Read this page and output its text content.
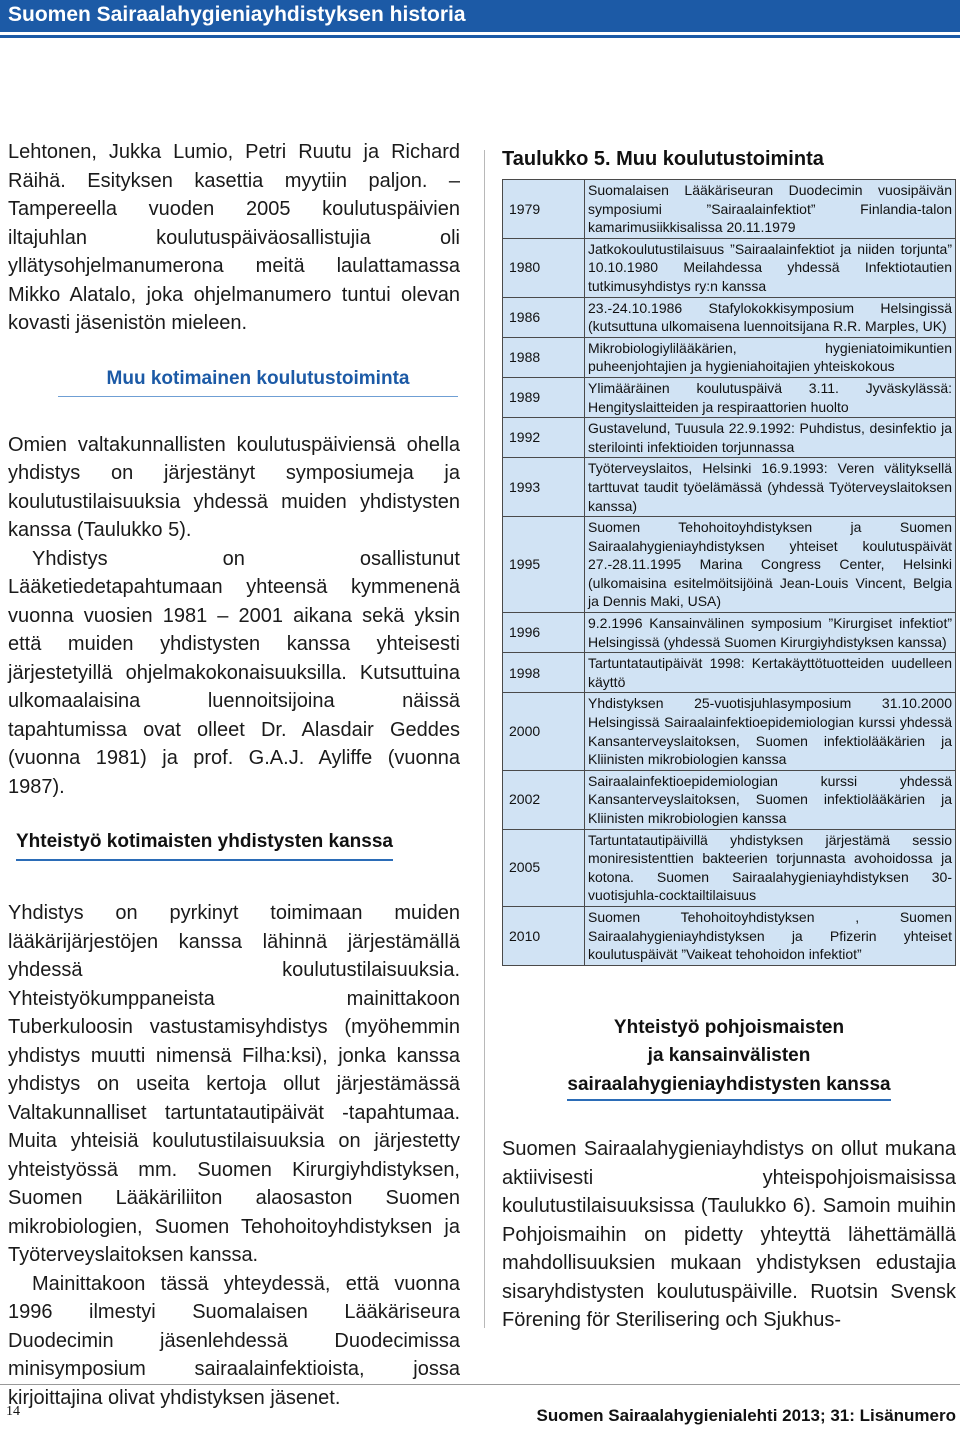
Suomen Sairaalahygieniayhdistyksen historia

Lehtonen, Jukka Lumio, Petri Ruutu ja Richard Räihä. Esityksen kasettia myytiin paljon. – Tampereella vuoden 2005 koulutuspäivien iltajuhlan koulutuspäiväosallistujia oli yllätysohjelmanumerona meitä laulattamassa Mikko Alatalo, joka ohjelmanumero tuntui olevan kovasti jäsenistön mieleen.

Muu kotimainen koulutustoiminta

Omien valtakunnallisten koulutuspäiviensä ohella yhdistys on järjestänyt symposiumeja ja koulutustilaisuuksia yhdessä muiden yhdistysten kanssa (Taulukko 5).

Yhdistys on osallistunut Lääketiedetapahtumaan yhteensä kymmenenä vuonna vuosien 1981 – 2001 aikana sekä yksin että muiden yhdistysten kanssa yhteisesti järjestetyillä ohjelmakokonaisuuksilla. Kutsuttuina ulkomaalaisina luennoitsijoina näissä tapahtumissa ovat olleet Dr. Alasdair Geddes (vuonna 1981) ja prof. G.A.J. Ayliffe (vuonna 1987).

Yhteistyö kotimaisten yhdistysten kanssa

Yhdistys on pyrkinyt toimimaan muiden lääkärijärjestöjen kanssa lähinnä järjestämällä yhdessä koulutustilaisuuksia. Yhteistyökumppaneista mainittakoon Tuberkuloosin vastustamisyhdistys (myöhemmin yhdistys muutti nimensä Filha:ksi), jonka kanssa yhdistys on useita kertoja ollut järjestämässä Valtakunnalliset tartuntatautipäivät -tapahtumaa. Muita yhteisiä koulutustilaisuuksia on järjestetty yhteistyössä mm. Suomen Kirurgiyhdistyksen, Suomen Lääkäriliiton alaosaston Suomen mikrobiologien, Suomen Tehohoitoyhdistyksen ja Työterveyslaitoksen kanssa.

Mainittakoon tässä yhteydessä, että vuonna 1996 ilmestyi Suomalaisen Lääkäriseura Duodecimin jäsenlehdessä Duodecimissa minisymposium sairaalainfektioista, jossa kirjoittajina olivat yhdistyksen jäsenet.

Taulukko 5. Muu koulutustoiminta
1979	Suomalaisen Lääkäriseuran Duodecimin vuosipäivän symposiumi ”Sairaalainfektiot” Finlandia-talon kamarimusiikkisalissa 20.11.1979
1980	Jatkokoulutustilaisuus ”Sairaalainfektiot ja niiden torjunta” 10.10.1980 Meilahdessa yhdessä Infektiotautien tutkimusyhdistys ry:n kanssa
1986	23.-24.10.1986 Stafylokokkisymposium Helsingissä (kutsuttuna ulkomaisena luennoitsijana R.R. Marples, UK)
1988	Mikrobiologiylilääkärien, hygieniatoimikuntien puheenjohtajien ja hygieniahoitajien yhteiskokous
1989	Ylimääräinen koulutuspäivä 3.11. Jyväskylässä: Hengityslaitteiden ja respiraattorien huolto
1992	Gustavelund, Tuusula 22.9.1992: Puhdistus, desinfektio ja sterilointi infektioiden torjunnassa
1993	Työterveyslaitos, Helsinki 16.9.1993: Veren välityksellä tarttuvat taudit työelämässä (yhdessä Työterveyslaitoksen kanssa)
1995	Suomen Tehohoitoyhdistyksen ja Suomen Sairaalahygieniayhdistyksen yhteiset koulutuspäivät 27.-28.11.1995 Marina Congress Center, Helsinki (ulkomaisina esitelmöitsijöinä Jean-Louis Vincent, Belgia ja Dennis Maki, USA)
1996	9.2.1996 Kansainvälinen symposium ”Kirurgiset infektiot” Helsingissä (yhdessä Suomen Kirurgiyhdistyksen kanssa)
1998	Tartuntatautipäivät 1998: Kertakäyttötuotteiden uudelleen käyttö
2000	Yhdistyksen 25-vuotisjuhlasymposium 31.10.2000 Helsingissä Sairaalainfektioepidemiologian kurssi yhdessä Kansanterveyslaitoksen, Suomen infektiolääkärien ja Kliinisten mikrobiologien kanssa
2002	Sairaalainfektioepidemiologian kurssi yhdessä Kansanterveyslaitoksen, Suomen infektiolääkärien ja Kliinisten mikrobiologien kanssa
2005	Tartuntatautipäivillä yhdistyksen järjestämä sessio moniresistenttien bakteerien torjunnasta avohoidossa ja kotona. Suomen Sairaalahygieniayhdistyksen 30-vuotisjuhla-cocktailtilaisuus
2010	Suomen Tehohoitoyhdistyksen , Suomen Sairaalahygieniayhdistyksen ja Pfizerin yhteiset koulutuspäivät ”Vaikeat tehohoidon infektiot”
Yhteistyö pohjoismaisten
ja kansainvälisten
sairaalahygieniayhdistysten kanssa

Suomen Sairaalahygieniayhdistys on ollut mukana aktiivisesti yhteispohjoismaisissa koulutustilaisuuksissa (Taulukko 6). Samoin muihin Pohjoismaihin on pidetty yhteyttä lähettämällä mahdollisuuksien mukaan yhdistyksen edustajia sisaryhdistysten koulutuspäiville. Ruotsin Svensk Förening för Sterilisering och Sjukhus-

14	Suomen Sairaalahygienialehti 2013; 31: Lisänumero
